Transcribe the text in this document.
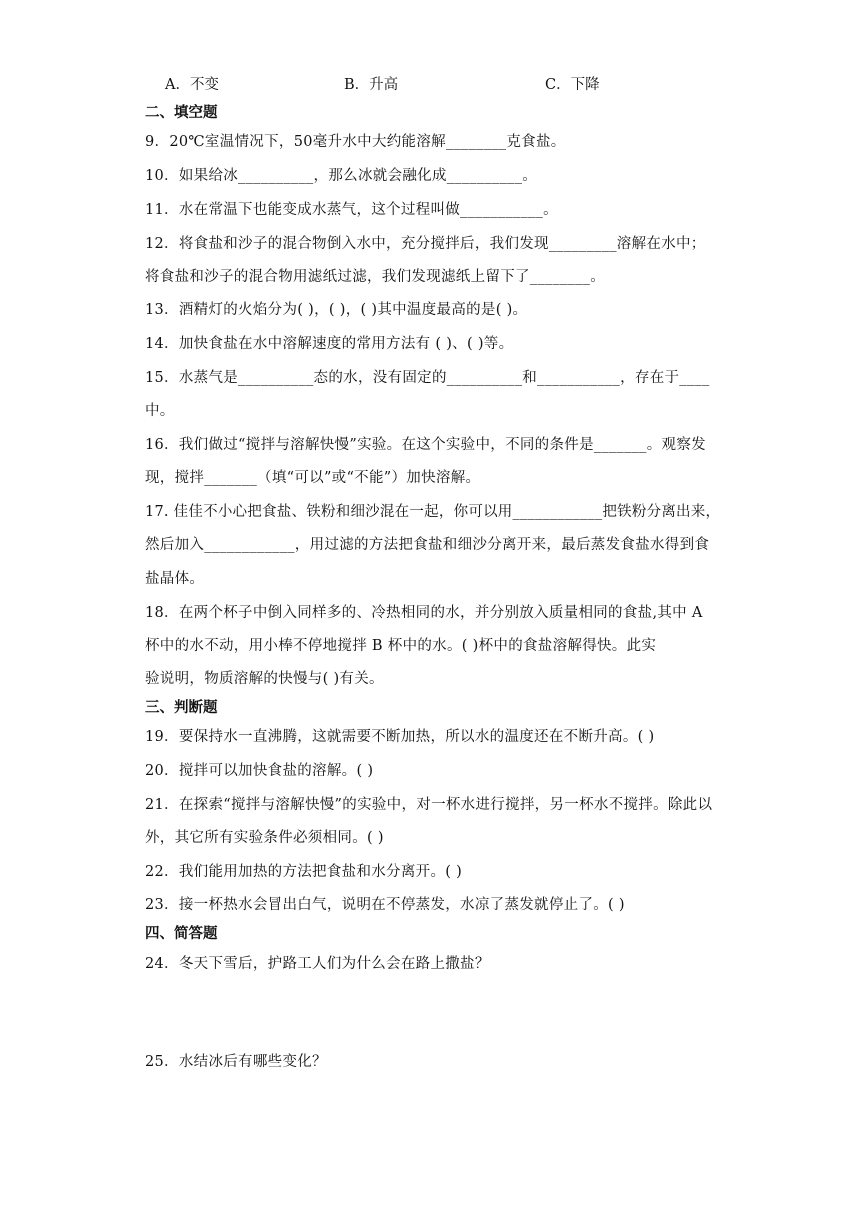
A．不变	B．升高	C．下降
二、填空题
9．20℃室温情况下，50毫升水中大约能溶解________克食盐。
10．如果给冰__________，那么冰就会融化成__________。
11．水在常温下也能变成水蒸气，这个过程叫做___________。
12．将食盐和沙子的混合物倒入水中，充分搅拌后，我们发现_________溶解在水中；
将食盐和沙子的混合物用滤纸过滤，我们发现滤纸上留下了________。
13．酒精灯的火焰分为( )，( )，( )其中温度最高的是( )。
14．加快食盐在水中溶解速度的常用方法有 ( )、( )等。
15．水蒸气是__________态的水，没有固定的__________和___________，存在于____
中。
16．我们做过“搅拌与溶解快慢”实验。在这个实验中，不同的条件是_______。观察发
现，搅拌_______（填“可以”或“不能”）加快溶解。
17. 佳佳不小心把食盐、铁粉和细沙混在一起，你可以用____________把铁粉分离出来，
然后加入____________，用过滤的方法把食盐和细沙分离开来，最后蒸发食盐水得到食
盐晶体。
18．在两个杯子中倒入同样多的、冷热相同的水，并分别放入质量相同的食盐,其中 A
杯中的水不动，用小棒不停地搅拌 B 杯中的水。( )杯中的食盐溶解得快。此实
验说明，物质溶解的快慢与( )有关。
三、判断题
19．要保持水一直沸腾，这就需要不断加热，所以水的温度还在不断升高。( )
20．搅拌可以加快食盐的溶解。( )
21．在探索“搅拌与溶解快慢”的实验中，对一杯水进行搅拌，另一杯水不搅拌。除此以
外，其它所有实验条件必须相同。( )
22．我们能用加热的方法把食盐和水分离开。( )
23．接一杯热水会冒出白气，说明在不停蒸发，水凉了蒸发就停止了。( )
四、简答题
24．冬天下雪后，护路工人们为什么会在路上撒盐？
25．水结冰后有哪些变化？
